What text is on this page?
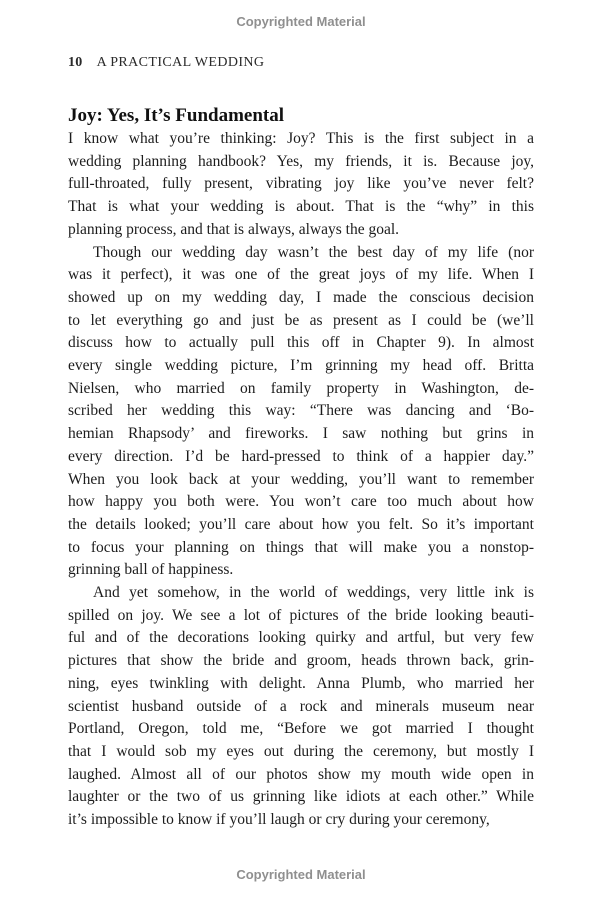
Copyrighted Material
10 A PRACTICAL WEDDING
Joy: Yes, It’s Fundamental
I know what you’re thinking: Joy? This is the first subject in a
wedding planning handbook? Yes, my friends, it is. Because joy,
full-throated, fully present, vibrating joy like you’ve never felt?
That is what your wedding is about. That is the “why” in this
planning process, and that is always, always the goal.
Though our wedding day wasn’t the best day of my life (nor
was it perfect), it was one of the great joys of my life. When I
showed up on my wedding day, I made the conscious decision
to let everything go and just be as present as I could be (we’ll
discuss how to actually pull this off in Chapter 9). In almost
every single wedding picture, I’m grinning my head off. Britta
Nielsen, who married on family property in Washington, de-
scribed her wedding this way: “There was dancing and ‘Bo-
hemian Rhapsody’ and fireworks. I saw nothing but grins in
every direction. I’d be hard-pressed to think of a happier day.”
When you look back at your wedding, you’ll want to remember
how happy you both were. You won’t care too much about how
the details looked; you’ll care about how you felt. So it’s important
to focus your planning on things that will make you a nonstop-
grinning ball of happiness.
And yet somehow, in the world of weddings, very little ink is
spilled on joy. We see a lot of pictures of the bride looking beauti-
ful and of the decorations looking quirky and artful, but very few
pictures that show the bride and groom, heads thrown back, grin-
ning, eyes twinkling with delight. Anna Plumb, who married her
scientist husband outside of a rock and minerals museum near
Portland, Oregon, told me, “Before we got married I thought
that I would sob my eyes out during the ceremony, but mostly I
laughed. Almost all of our photos show my mouth wide open in
laughter or the two of us grinning like idiots at each other.” While
it’s impossible to know if you’ll laugh or cry during your ceremony,
Copyrighted Material
